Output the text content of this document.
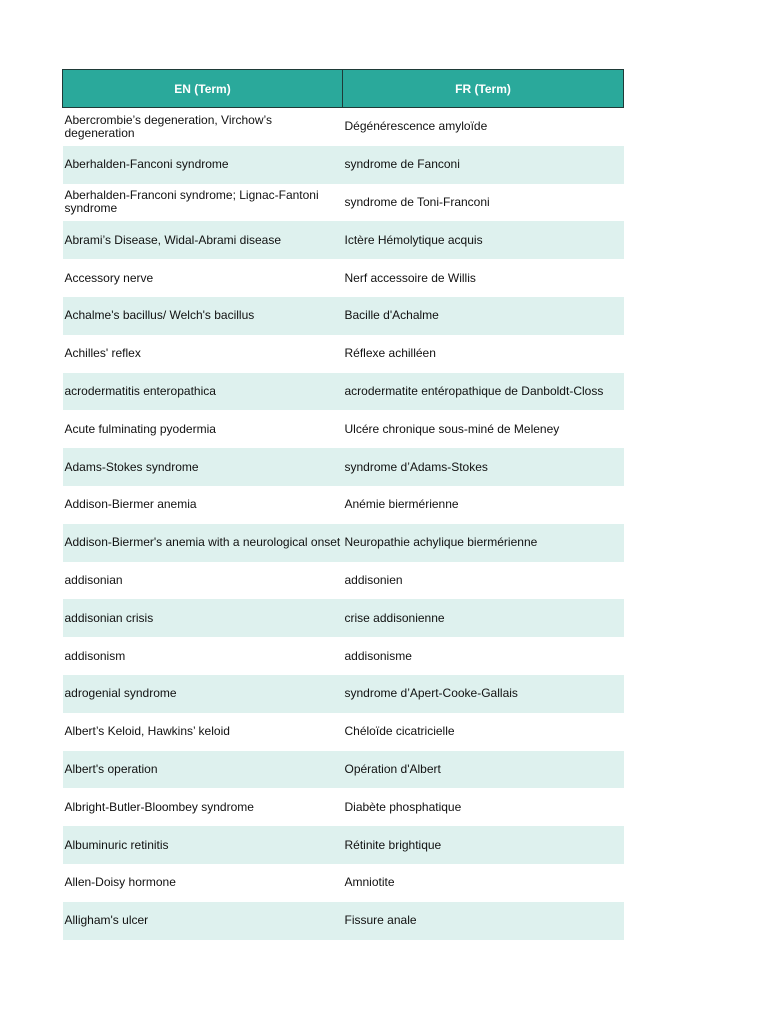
EN (Term)	FR (Term)
Abercrombie’s degeneration, Virchow’s degeneration	Dégénérescence amyloïde
Aberhalden-Fanconi syndrome	syndrome de Fanconi
Aberhalden-Franconi syndrome; Lignac-Fantoni syndrome	syndrome de Toni-Franconi
Abrami’s Disease, Widal-Abrami disease	Ictère Hémolytique acquis
Accessory nerve	Nerf accessoire de Willis
Achalme's bacillus/ Welch's bacillus	Bacille d'Achalme
Achilles' reflex	Réflexe achilléen
acrodermatitis enteropathica	acrodermatite entéropathique de Danboldt-Closs
Acute fulminating pyodermia	Ulcére chronique sous-miné de Meleney
Adams-Stokes syndrome	syndrome d’Adams-Stokes
Addison-Biermer anemia	Anémie biermérienne
Addison-Biermer's anemia with a neurological onset	Neuropathie achylique biermérienne
addisonian	addisonien
addisonian crisis	crise addisonienne
addisonism	addisonisme
adrogenial syndrome	syndrome d’Apert-Cooke-Gallais
Albert’s Keloid, Hawkins’ keloid	Chéloïde cicatricielle
Albert's operation	Opération d'Albert
Albright-Butler-Bloombey syndrome	Diabète phosphatique
Albuminuric retinitis	Rétinite brightique
Allen-Doisy hormone	Amniotite
Alligham's ulcer	Fissure anale
